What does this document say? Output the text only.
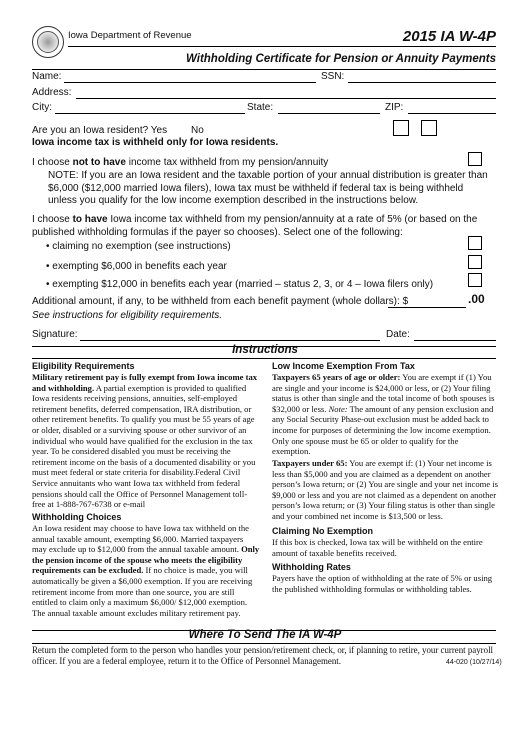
Iowa Department of Revenue	2015 IA W-4P
Withholding Certificate for Pension or Annuity Payments
Name:	SSN:
Address:
City:	State:	ZIP:
Are you an Iowa resident? Yes No
Iowa income tax is withheld only for Iowa residents.
I choose not to have income tax withheld from my pension/annuity
NOTE: If you are an Iowa resident and the taxable portion of your annual distribution is greater than $6,000 ($12,000 married Iowa filers), Iowa tax must be withheld if federal tax is being withheld unless you qualify for the low income exemption described in the instructions below.
I choose to have Iowa income tax withheld from my pension/annuity at a rate of 5% (or based on the published withholding formulas if the payer so chooses). Select one of the following:
• claiming no exemption (see instructions)
• exempting $6,000 in benefits each year
• exempting $12,000 in benefits each year (married – status 2, 3, or 4 – Iowa filers only)
Additional amount, if any, to be withheld from each benefit payment (whole dollars): $	.00
See instructions for eligibility requirements.
Signature:	Date:
Instructions
Eligibility Requirements
Military retirement pay is fully exempt from Iowa income tax and withholding. A partial exemption is provided to qualified Iowa residents receiving pensions, annuities, self-employed retirement benefits, deferred compensation, IRA distribution, or other retirement benefits. To qualify you must be 55 years of age or older, disabled or a surviving spouse or other survivor of an individual who would have qualified for the exclusion in the tax year. To be considered disabled you must be receiving the retirement income on the basis of a documented disability or you must meet federal or state criteria for disability.Federal Civil Service annuitants who want Iowa tax withheld from federal pensions should call the Office of Personnel Management toll-free at 1-888-767-6738 or e-mail
Withholding Choices
An Iowa resident may choose to have Iowa tax withheld on the annual taxable amount, exempting $6,000. Married taxpayers may exclude up to $12,000 from the annual taxable amount. Only the pension income of the spouse who meets the eligibility requirements can be excluded. If no choice is made, you will automatically be given a $6,000 exemption. If you are receiving retirement income from more than one source, you are still entitled to claim only a maximum $6,000/ $12,000 exemption. The annual taxable amount excludes military retirement pay.
Low Income Exemption From Tax
Taxpayers 65 years of age or older: You are exempt if (1) You are single and your income is $24,000 or less, or (2) Your filing status is other than single and the total income of both spouses is $32,000 or less. Note: The amount of any pension exclusion and any Social Security Phase-out exclusion must be added back to income for purposes of determining the low income exemption. Only one spouse must be 65 or older to qualify for the exemption.
Taxpayers under 65: You are exempt if: (1) Your net income is less than $5,000 and you are claimed as a dependent on another person’s Iowa return; or (2) You are single and your net income is $9,000 or less and you are not claimed as a dependent on another person’s Iowa return; or (3) Your filing status is other than single and your combined net income is $13,500 or less.
Claiming No Exemption
If this box is checked, Iowa tax will be withheld on the entire amount of taxable benefits received.
Withholding Rates
Payers have the option of withholding at the rate of 5% or using the published withholding formulas or withholding tables.
Where To Send The IA W-4P
Return the completed form to the person who handles your pension/retirement check, or, if planning to retire, your current payroll officer. If you are a federal employee, return it to the Office of Personnel Management.	44-020 (10/27/14)
